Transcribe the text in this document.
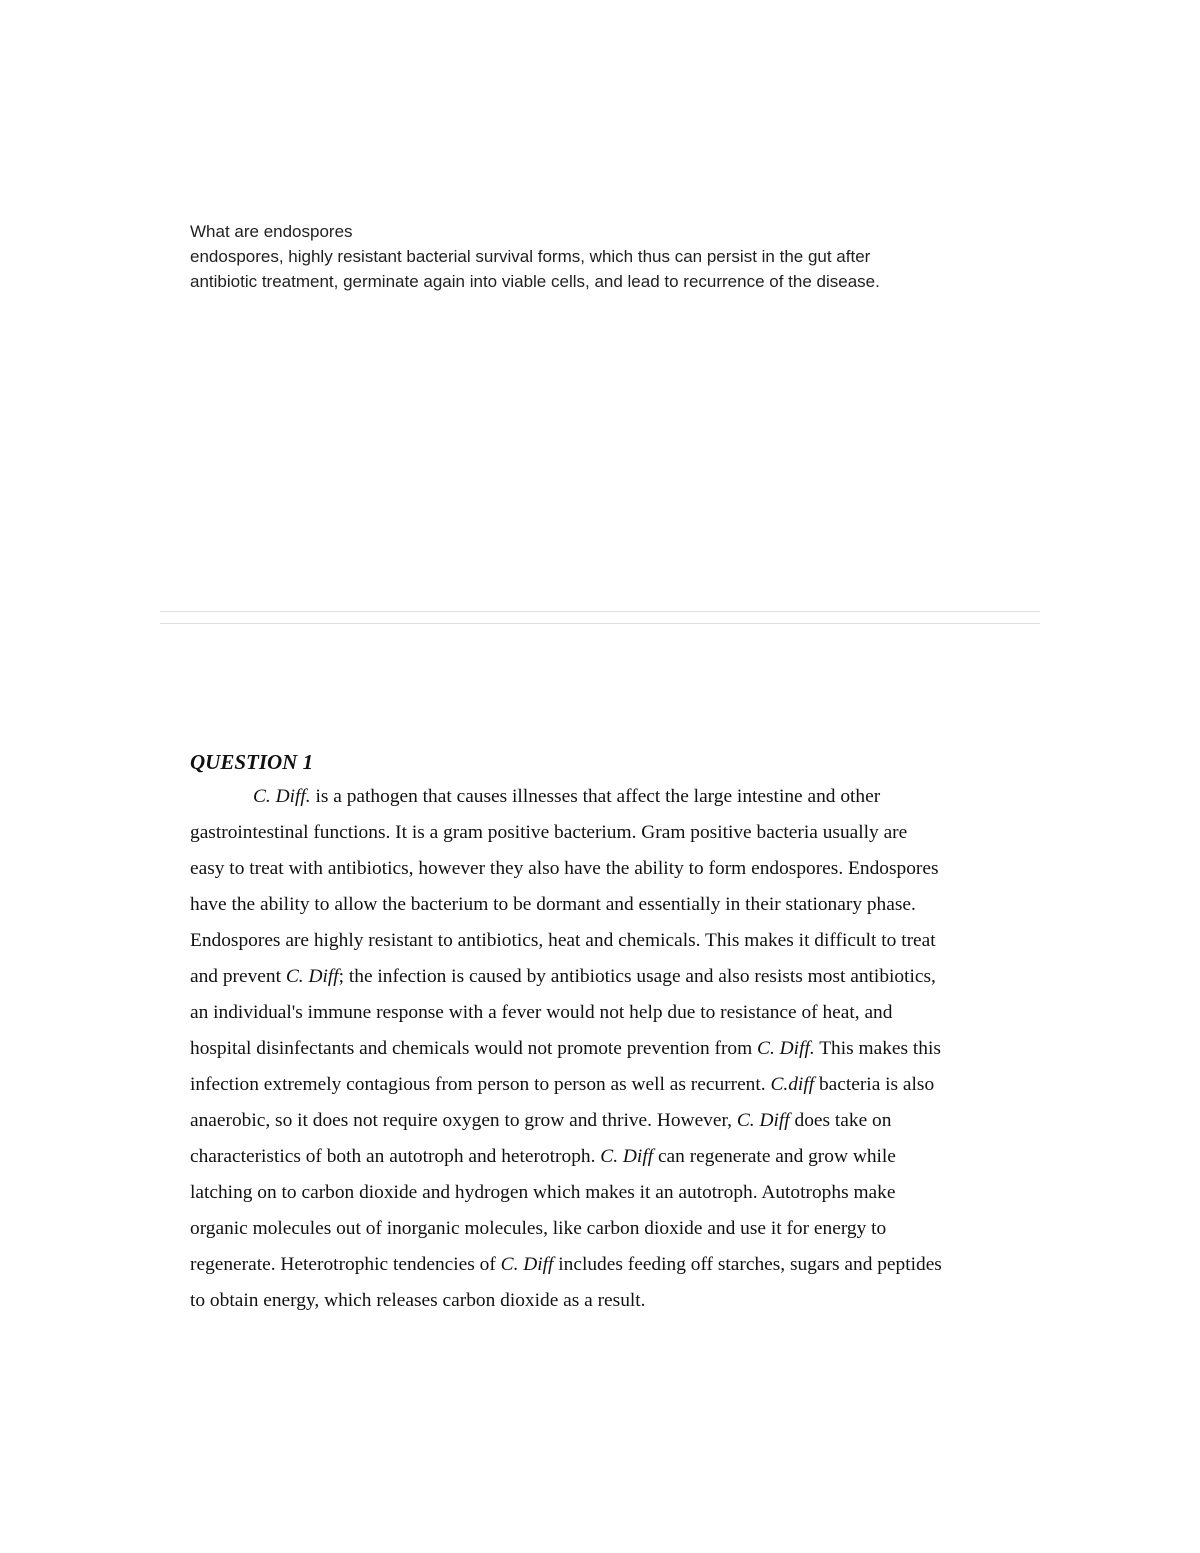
What are endospores

endospores, highly resistant bacterial survival forms, which thus can persist in the gut after

antibiotic treatment, germinate again into viable cells, and lead to recurrence of the disease.

QUESTION 1

C. Diff. is a pathogen that causes illnesses that affect the large intestine and other
gastrointestinal functions. It is a gram positive bacterium. Gram positive bacteria usually are
easy to treat with antibiotics, however they also have the ability to form endospores. Endospores
have the ability to allow the bacterium to be dormant and essentially in their stationary phase.
Endospores are highly resistant to antibiotics, heat and chemicals. This makes it difficult to treat
and prevent C. Diff; the infection is caused by antibiotics usage and also resists most antibiotics,
an individual's immune response with a fever would not help due to resistance of heat, and
hospital disinfectants and chemicals would not promote prevention from C. Diff. This makes this
infection extremely contagious from person to person as well as recurrent. C.diff bacteria is also
anaerobic, so it does not require oxygen to grow and thrive. However, C. Diff does take on
characteristics of both an autotroph and heterotroph. C. Diff can regenerate and grow while
latching on to carbon dioxide and hydrogen which makes it an autotroph. Autotrophs make
organic molecules out of inorganic molecules, like carbon dioxide and use it for energy to
regenerate. Heterotrophic tendencies of C. Diff includes feeding off starches, sugars and peptides
to obtain energy, which releases carbon dioxide as a result.
